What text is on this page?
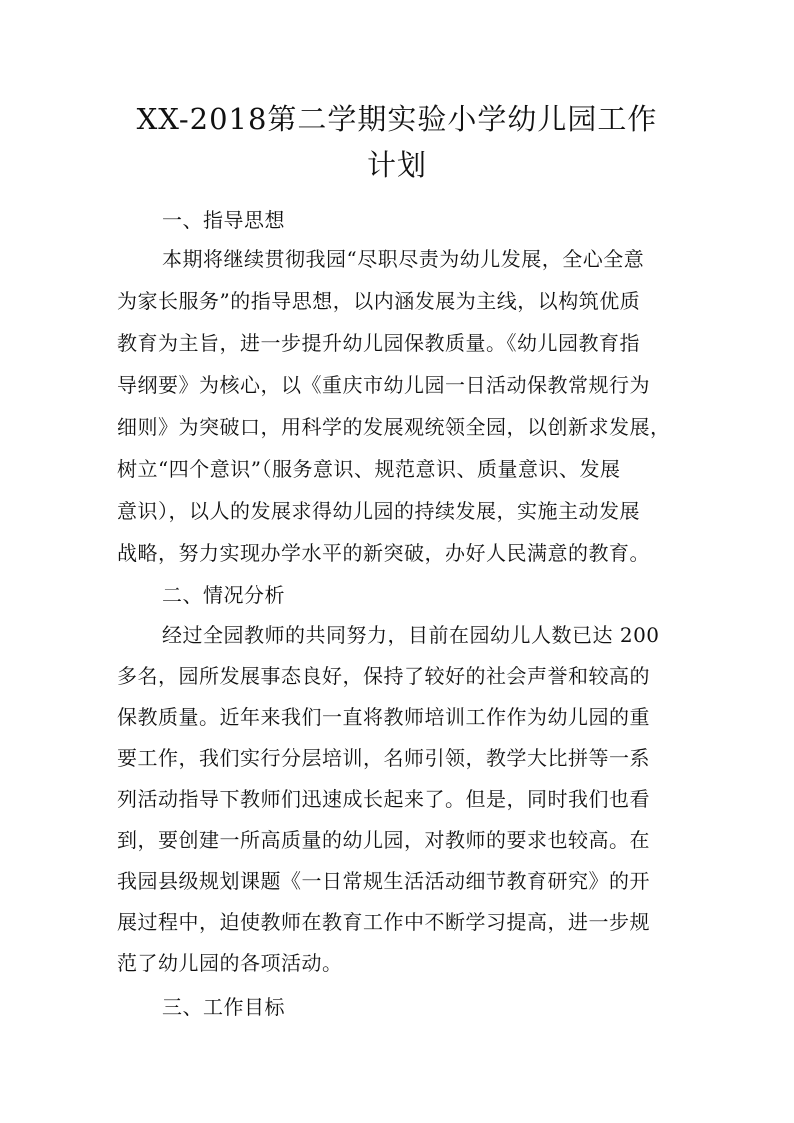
XX-2018第二学期实验小学幼儿园工作
计划
一、指导思想
本期将继续贯彻我园“尽职尽责为幼儿发展，全心全意
为家长服务”的指导思想，以内涵发展为主线，以构筑优质
教育为主旨，进一步提升幼儿园保教质量。《幼儿园教育指
导纲要》为核心，以《重庆市幼儿园一日活动保教常规行为
细则》为突破口，用科学的发展观统领全园，以创新求发展，
树立“四个意识”（服务意识、规范意识、质量意识、发展
意识），以人的发展求得幼儿园的持续发展，实施主动发展
战略，努力实现办学水平的新突破，办好人民满意的教育。
二、情况分析
经过全园教师的共同努力，目前在园幼儿人数已达 200
多名，园所发展事态良好，保持了较好的社会声誉和较高的
保教质量。近年来我们一直将教师培训工作作为幼儿园的重
要工作，我们实行分层培训，名师引领，教学大比拼等一系
列活动指导下教师们迅速成长起来了。但是，同时我们也看
到，要创建一所高质量的幼儿园，对教师的要求也较高。在
我园县级规划课题《一日常规生活活动细节教育研究》的开
展过程中，迫使教师在教育工作中不断学习提高，进一步规
范了幼儿园的各项活动。
三、工作目标
